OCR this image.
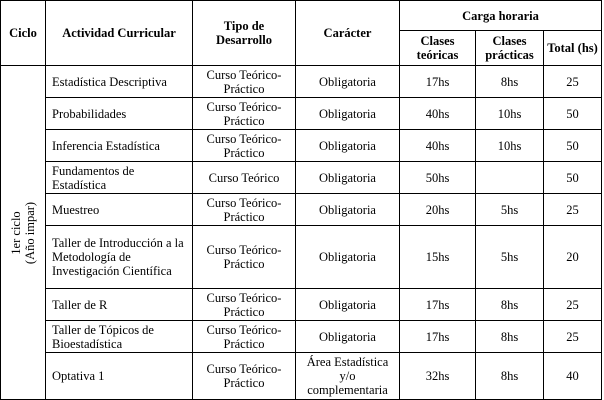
Ciclo	Actividad Curricular	Tipo de Desarrollo	Carácter	Carga horaria		
				Clases teóricas	Clases prácticas	Total (hs)

1er ciclo (Año impar)	Estadística Descriptiva	Curso Teórico-Práctico	Obligatoria	17hs	8hs	25
	Probabilidades	Curso Teórico-Práctico	Obligatoria	40hs	10hs	50
	Inferencia Estadística	Curso Teórico-Práctico	Obligatoria	40hs	10hs	50
	Fundamentos de Estadística	Curso Teórico	Obligatoria	50hs		50
	Muestreo	Curso Teórico-Práctico	Obligatoria	20hs	5hs	25
	Taller de Introducción a la Metodología de Investigación Científica	Curso Teórico-Práctico	Obligatoria	15hs	5hs	20
	Taller de R	Curso Teórico-Práctico	Obligatoria	17hs	8hs	25
	Taller de Tópicos de Bioestadística	Curso Teórico-Práctico	Obligatoria	17hs	8hs	25
	Optativa 1	Curso Teórico-Práctico	Área Estadística y/o complementaria	32hs	8hs	40
